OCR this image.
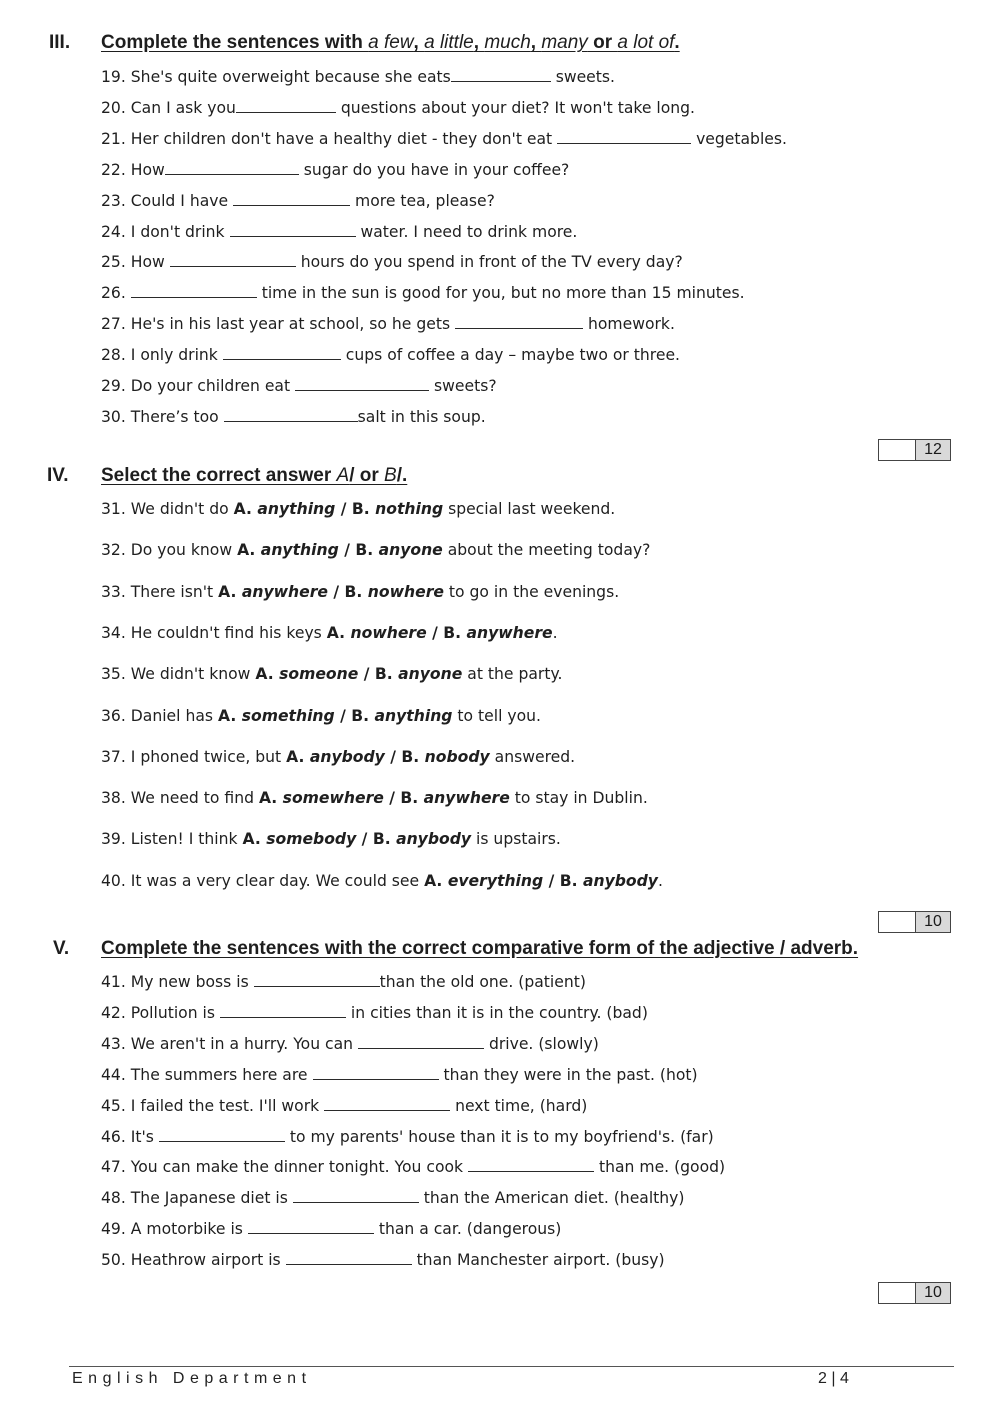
III. Complete the sentences with a few, a little, much, many or a lot of.
19. She's quite overweight because she eats	sweets.
20. Can I ask you	questions about your diet? It won't take long.
21. Her children don't have a healthy diet - they don't eat	vegetables.
22. How	sugar do you have in your coffee?
23. Could I have	more tea, please?
24. I don't drink	water. I need to drink more.
25. How	hours do you spend in front of the TV every day?
26.	time in the sun is good for you, but no more than 15 minutes.
27. He's in his last year at school, so he gets	homework.
28. I only drink	cups of coffee a day – maybe two or three.
29. Do your children eat	sweets?
30. There’s too	salt in this soup.
12
IV. Select the correct answer A/ or B/.
31. We didn't do A. anything / B. nothing special last weekend.
32. Do you know A. anything / B. anyone about the meeting today?
33. There isn't A. anywhere / B. nowhere to go in the evenings.
34. He couldn't find his keys A. nowhere / B. anywhere.
35. We didn't know A. someone / B. anyone at the party.
36. Daniel has A. something / B. anything to tell you.
37. I phoned twice, but A. anybody / B. nobody answered.
38. We need to find A. somewhere / B. anywhere to stay in Dublin.
39. Listen! I think A. somebody / B. anybody is upstairs.
40. It was a very clear day. We could see A. everything / B. anybody.
10
V. Complete the sentences with the correct comparative form of the adjective / adverb.
41. My new boss is	than the old one. (patient)
42. Pollution is	in cities than it is in the country. (bad)
43. We aren't in a hurry. You can	drive. (slowly)
44. The summers here are	than they were in the past. (hot)
45. I failed the test. I'll work	next time, (hard)
46. It's	to my parents' house than it is to my boyfriend's. (far)
47. You can make the dinner tonight. You cook	than me. (good)
48. The Japanese diet is	than the American diet. (healthy)
49. A motorbike is	than a car. (dangerous)
50. Heathrow airport is	than Manchester airport. (busy)
10
English Department	2 | 4
